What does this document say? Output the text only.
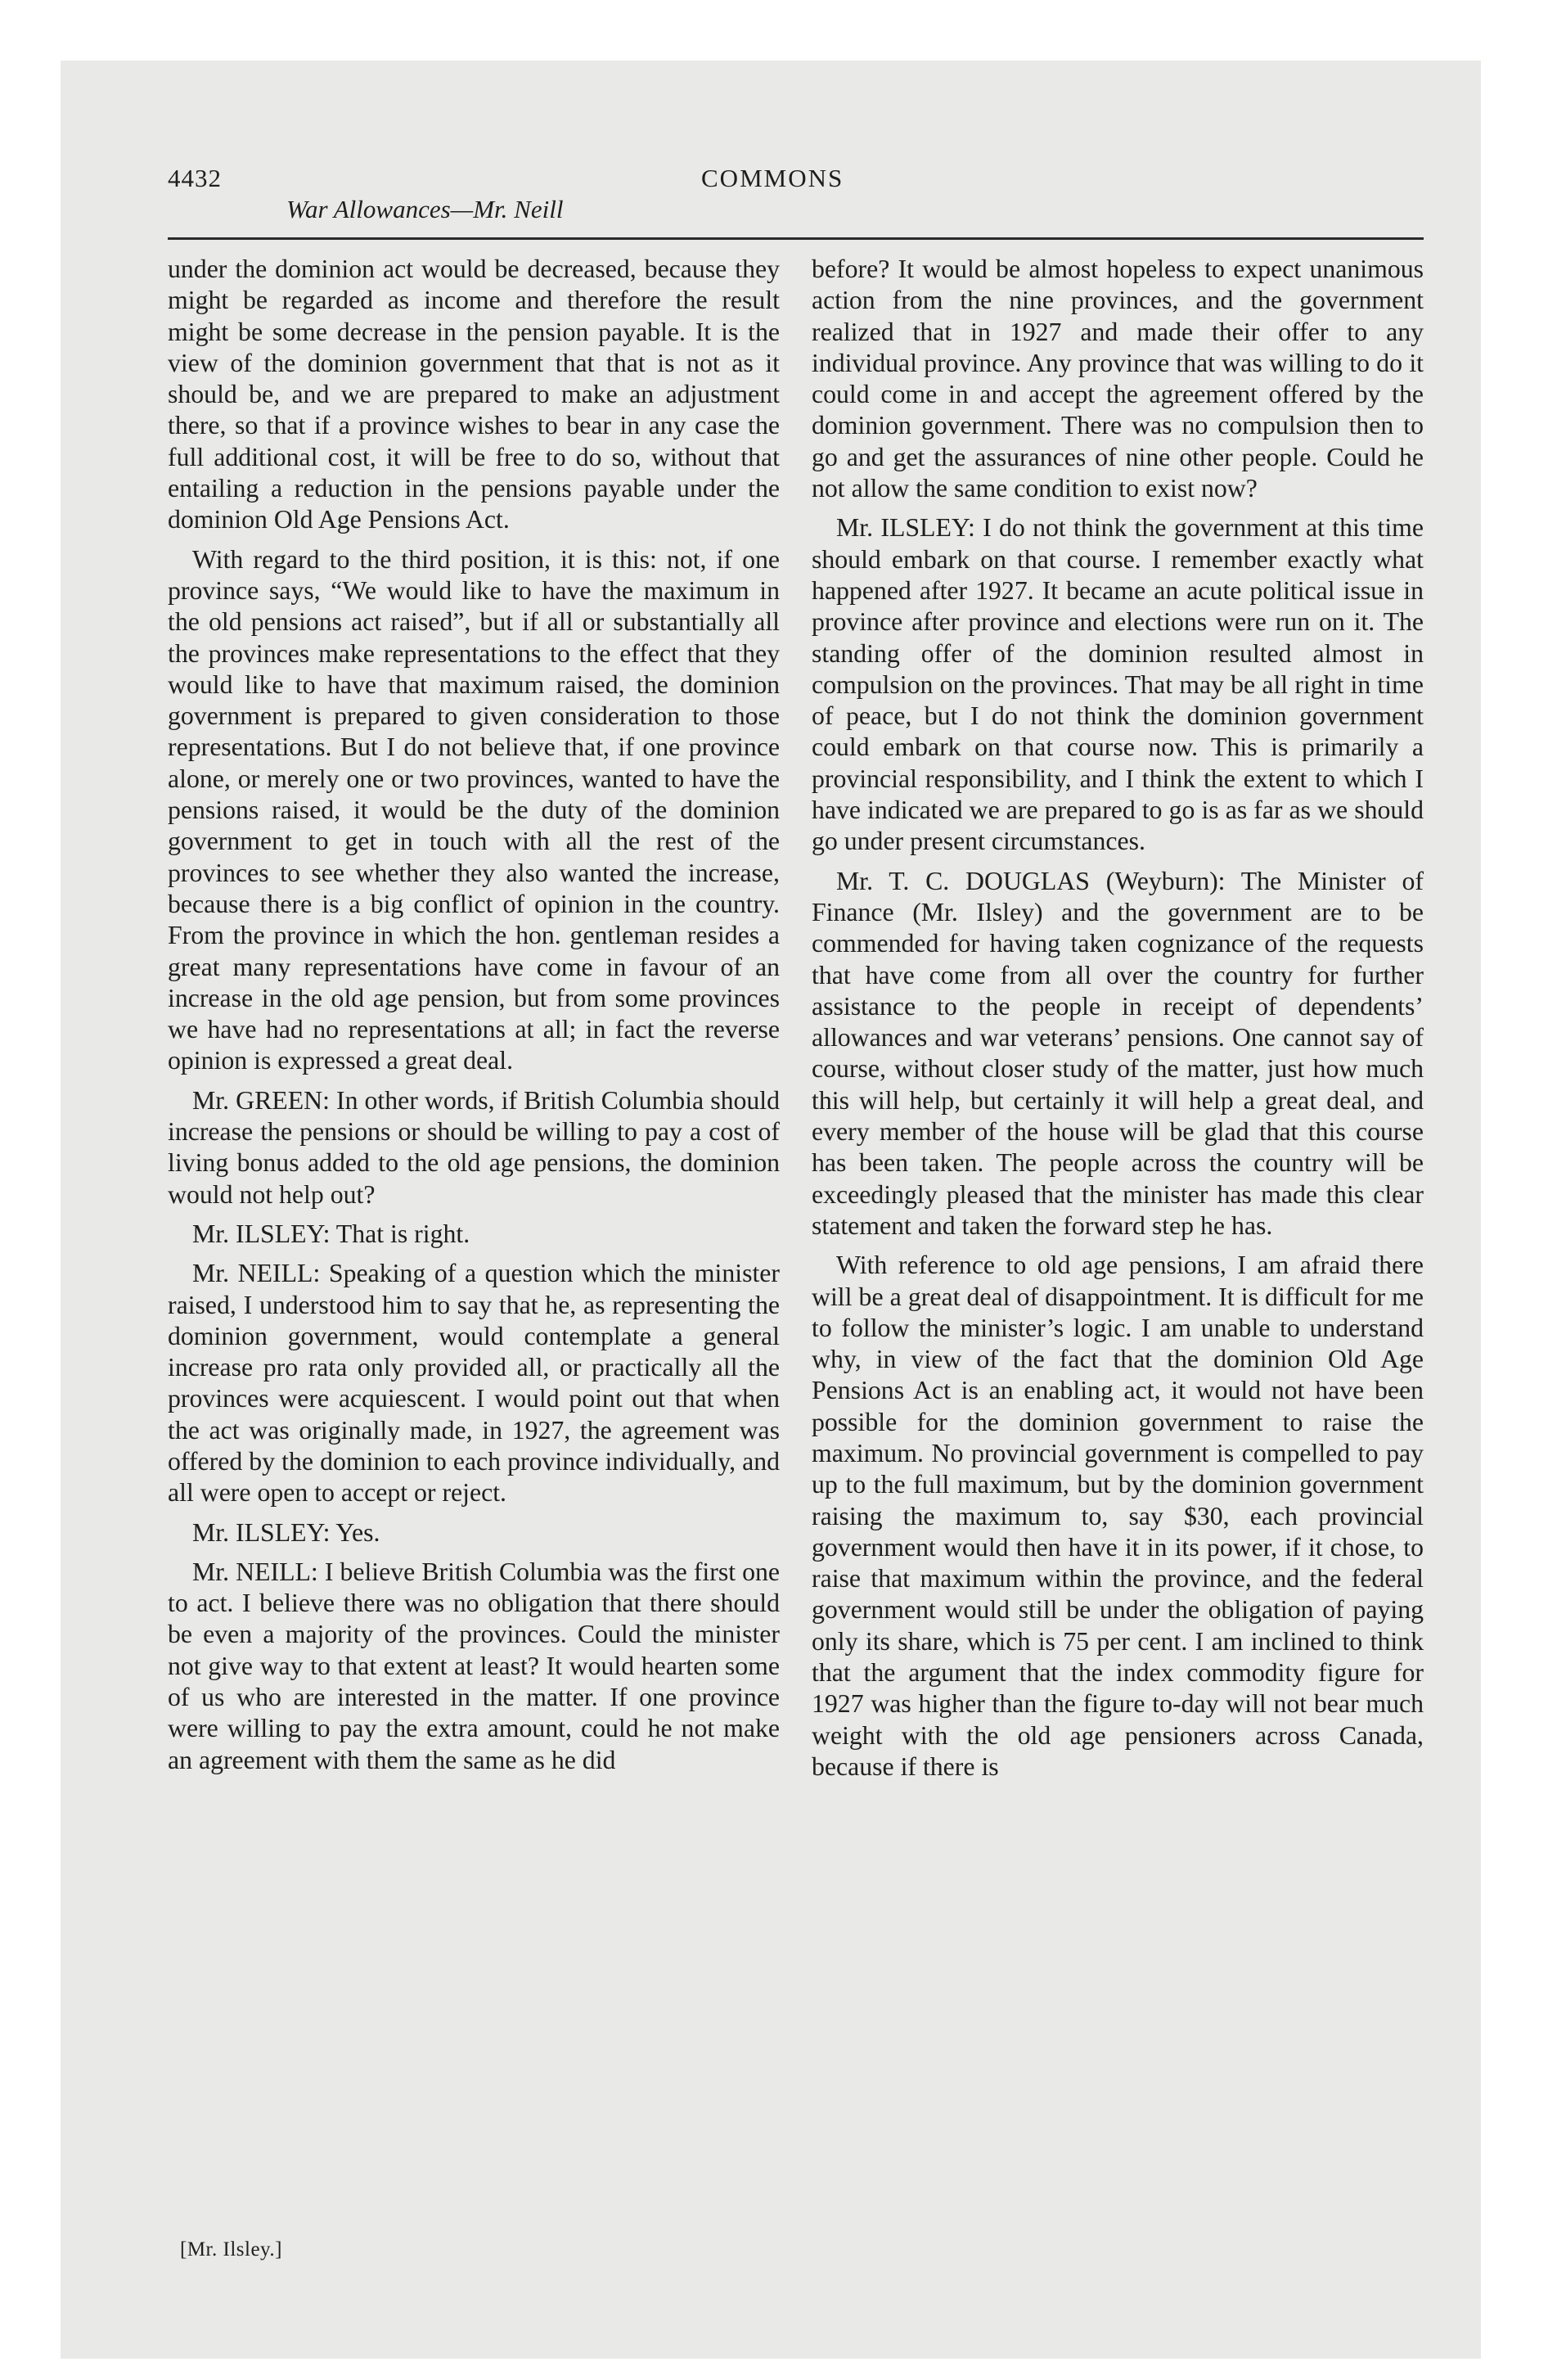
4432
War Allowances—Mr. Neill
COMMONS

under the dominion act would be decreased, because they might be regarded as income and therefore the result might be some decrease in the pension payable. It is the view of the dominion government that that is not as it should be, and we are prepared to make an adjustment there, so that if a province wishes to bear in any case the full additional cost, it will be free to do so, without that entailing a reduction in the pensions payable under the dominion Old Age Pensions Act.

With regard to the third position, it is this: not, if one province says, “We would like to have the maximum in the old pensions act raised”, but if all or substantially all the provinces make representations to the effect that they would like to have that maximum raised, the dominion government is prepared to given consideration to those representations. But I do not believe that, if one province alone, or merely one or two provinces, wanted to have the pensions raised, it would be the duty of the dominion government to get in touch with all the rest of the provinces to see whether they also wanted the increase, because there is a big conflict of opinion in the country. From the province in which the hon. gentleman resides a great many representations have come in favour of an increase in the old age pension, but from some provinces we have had no representations at all; in fact the reverse opinion is expressed a great deal.

Mr. GREEN: In other words, if British Columbia should increase the pensions or should be willing to pay a cost of living bonus added to the old age pensions, the dominion would not help out?

Mr. ILSLEY: That is right.

Mr. NEILL: Speaking of a question which the minister raised, I understood him to say that he, as representing the dominion government, would contemplate a general increase pro rata only provided all, or practically all the provinces were acquiescent. I would point out that when the act was originally made, in 1927, the agreement was offered by the dominion to each province individually, and all were open to accept or reject.

Mr. ILSLEY: Yes.

Mr. NEILL: I believe British Columbia was the first one to act. I believe there was no obligation that there should be even a majority of the provinces. Could the minister not give way to that extent at least? It would hearten some of us who are interested in the matter. If one province were willing to pay the extra amount, could he not make an agreement with them the same as he did

before? It would be almost hopeless to expect unanimous action from the nine provinces, and the government realized that in 1927 and made their offer to any individual province. Any province that was willing to do it could come in and accept the agreement offered by the dominion government. There was no compulsion then to go and get the assurances of nine other people. Could he not allow the same condition to exist now?

Mr. ILSLEY: I do not think the government at this time should embark on that course. I remember exactly what happened after 1927. It became an acute political issue in province after province and elections were run on it. The standing offer of the dominion resulted almost in compulsion on the provinces. That may be all right in time of peace, but I do not think the dominion government could embark on that course now. This is primarily a provincial responsibility, and I think the extent to which I have indicated we are prepared to go is as far as we should go under present circumstances.

Mr. T. C. DOUGLAS (Weyburn): The Minister of Finance (Mr. Ilsley) and the government are to be commended for having taken cognizance of the requests that have come from all over the country for further assistance to the people in receipt of dependents’ allowances and war veterans’ pensions. One cannot say of course, without closer study of the matter, just how much this will help, but certainly it will help a great deal, and every member of the house will be glad that this course has been taken. The people across the country will be exceedingly pleased that the minister has made this clear statement and taken the forward step he has.

With reference to old age pensions, I am afraid there will be a great deal of disappointment. It is difficult for me to follow the minister’s logic. I am unable to understand why, in view of the fact that the dominion Old Age Pensions Act is an enabling act, it would not have been possible for the dominion government to raise the maximum. No provincial government is compelled to pay up to the full maximum, but by the dominion government raising the maximum to, say $30, each provincial government would then have it in its power, if it chose, to raise that maximum within the province, and the federal government would still be under the obligation of paying only its share, which is 75 per cent. I am inclined to think that the argument that the index commodity figure for 1927 was higher than the figure to-day will not bear much weight with the old age pensioners across Canada, because if there is

[Mr. Ilsley.]
